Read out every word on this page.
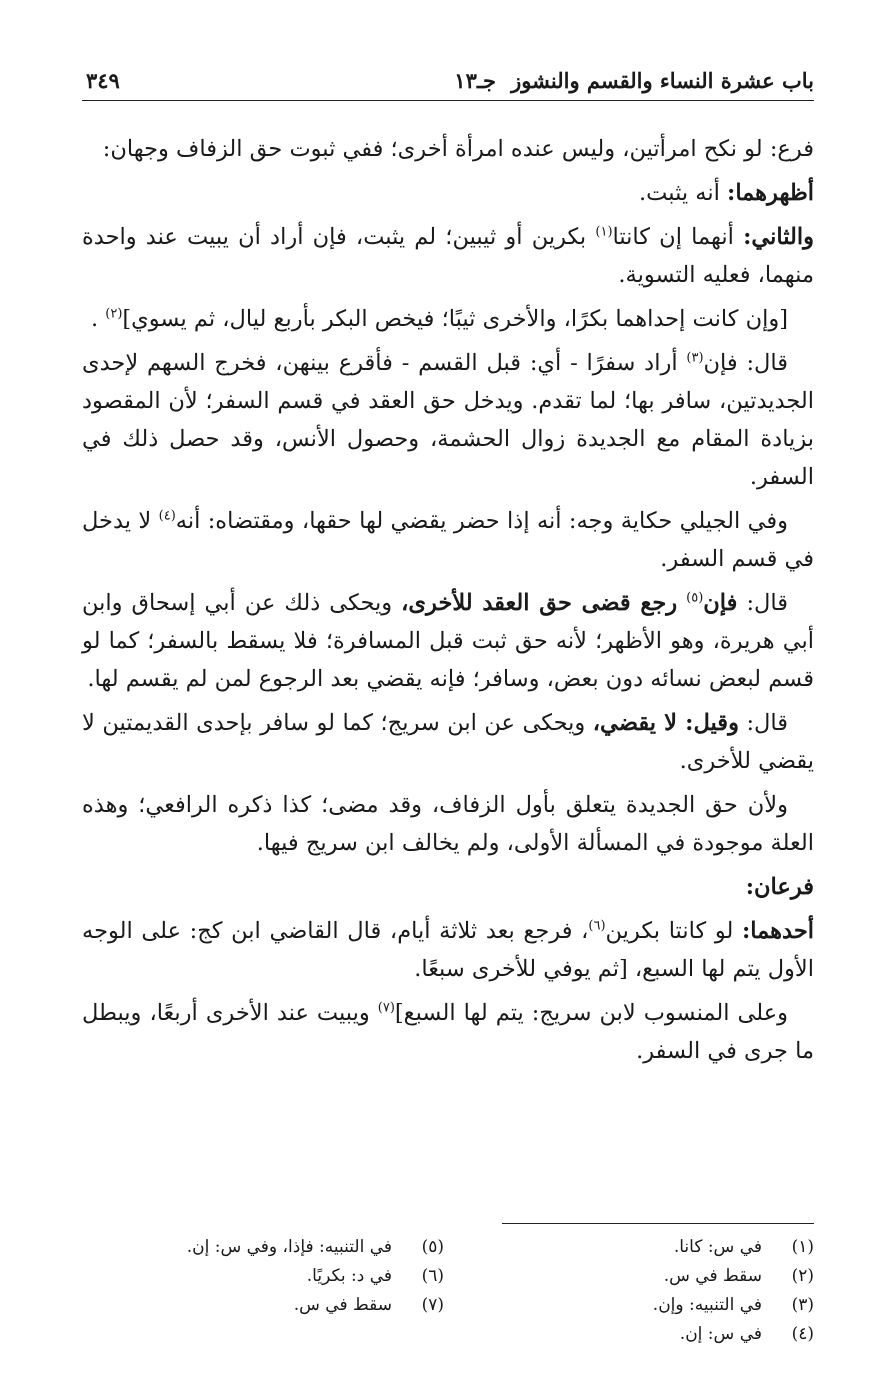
باب عشرة النساء والقسم والنشوز
جـ١٣
٣٤٩

فرع: لو نكح امرأتين، وليس عنده امرأة أخرى؛ ففي ثبوت حق الزفاف وجهان:

أظهرهما: أنه يثبت.

والثاني: أنهما إن كانتا$^{(١)}$ بكرين أو ثيبين؛ لم يثبت، فإن أراد أن يبيت عند واحدة منهما، فعليه التسوية.

[وإن كانت إحداهما بكرًا، والأخرى ثيبًا؛ فيخص البكر بأربع ليال، ثم يسوي]$^{(٢)}$ .

قال: فإن$^{(٣)}$ أراد سفرًا - أي: قبل القسم - فأقرع بينهن، فخرج السهم لإحدى الجديدتين، سافر بها؛ لما تقدم. ويدخل حق العقد في قسم السفر؛ لأن المقصود بزيادة المقام مع الجديدة زوال الحشمة، وحصول الأنس، وقد حصل ذلك في السفر.

وفي الجيلي حكاية وجه: أنه إذا حضر يقضي لها حقها، ومقتضاه: أنه$^{(٤)}$ لا يدخل في قسم السفر.

قال: فإن$^{(٥)}$ رجع قضى حق العقد للأخرى، ويحكى ذلك عن أبي إسحاق وابن أبي هريرة، وهو الأظهر؛ لأنه حق ثبت قبل المسافرة؛ فلا يسقط بالسفر؛ كما لو قسم لبعض نسائه دون بعض، وسافر؛ فإنه يقضي بعد الرجوع لمن لم يقسم لها.

قال: وقيل: لا يقضي، ويحكى عن ابن سريج؛ كما لو سافر بإحدى القديمتين لا يقضي للأخرى.

ولأن حق الجديدة يتعلق بأول الزفاف، وقد مضى؛ كذا ذكره الرافعي؛ وهذه العلة موجودة في المسألة الأولى، ولم يخالف ابن سريج فيها.

فرعان:

أحدهما: لو كانتا بكرين$^{(٦)}$، فرجع بعد ثلاثة أيام، قال القاضي ابن كج: على الوجه الأول يتم لها السبع، [ثم يوفي للأخرى سبعًا.

وعلى المنسوب لابن سريج: يتم لها السبع]$^{(٧)}$ ويبيت عند الأخرى أربعًا، ويبطل ما جرى في السفر.

(١)
في س: كانا.
(٢)
سقط في س.
(٣)
في التنبيه: وإن.
(٤)
في س: إن.
(٥)
في التنبيه: فإذا، وفي س: إن.
(٦)
في د: بكريًا.
(٧)
سقط في س.
